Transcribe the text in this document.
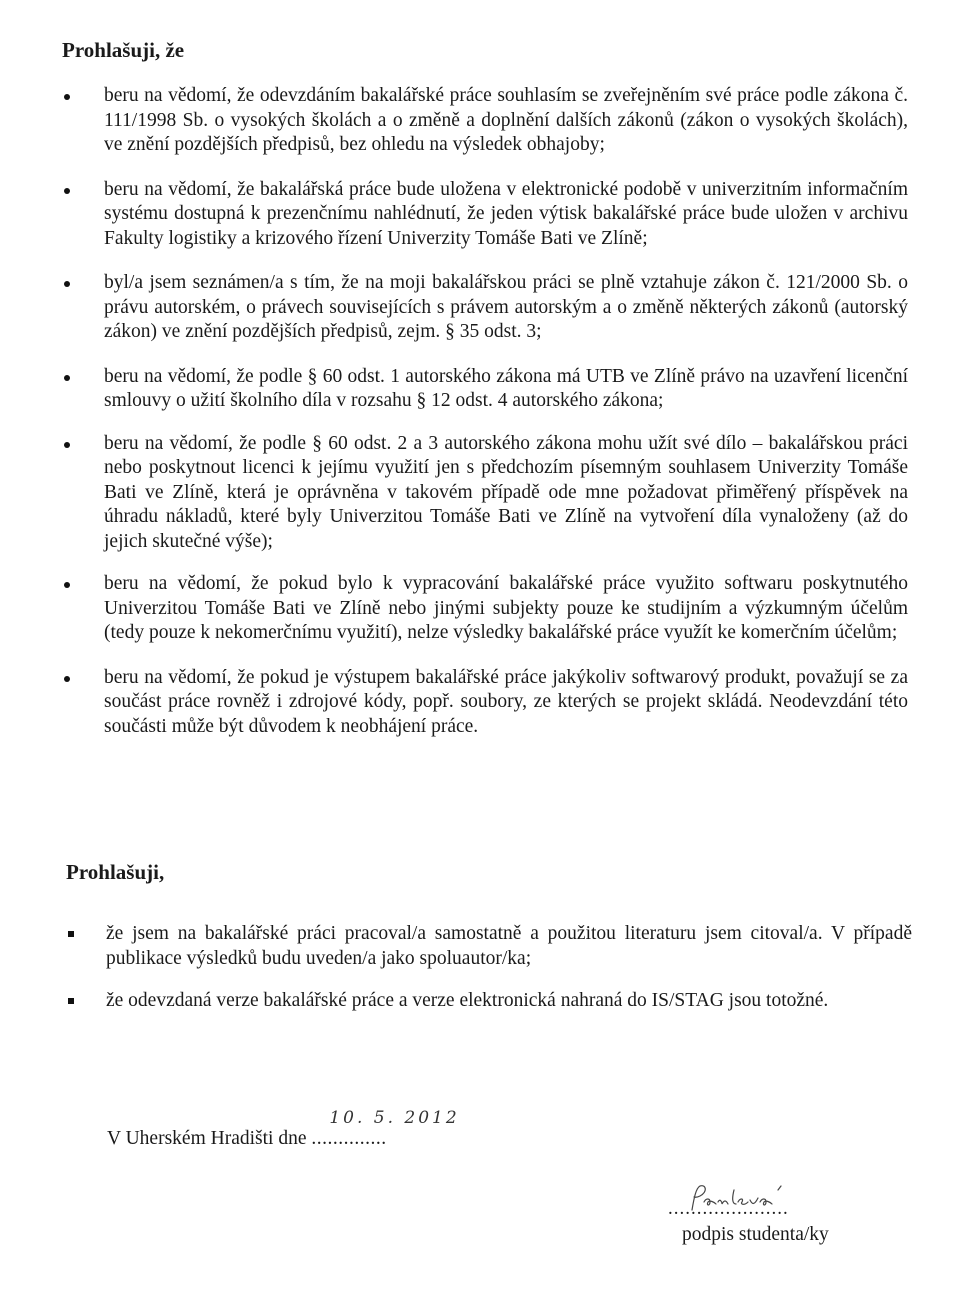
Prohlašuji, že
beru na vědomí, že odevzdáním bakalářské práce souhlasím se zveřejněním své práce podle zákona č. 111/1998 Sb. o vysokých školách a o změně a doplnění dalších zákonů (zákon o vysokých školách), ve znění pozdějších předpisů, bez ohledu na výsledek obhajoby;
beru na vědomí, že bakalářská práce bude uložena v elektronické podobě v univerzitním informačním systému dostupná k prezenčnímu nahlédnutí, že jeden výtisk bakalářské práce bude uložen v archivu Fakulty logistiky a krizového řízení Univerzity Tomáše Bati ve Zlíně;
byl/a jsem seznámen/a s tím, že na moji bakalářskou práci se plně vztahuje zákon č. 121/2000 Sb. o právu autorském, o právech souvisejících s právem autorským a o změně některých zákonů (autorský zákon) ve znění pozdějších předpisů, zejm. § 35 odst. 3;
beru na vědomí, že podle § 60 odst. 1 autorského zákona má UTB ve Zlíně právo na uzavření licenční smlouvy o užití školního díla v rozsahu § 12 odst. 4 autorského zákona;
beru na vědomí, že podle § 60 odst. 2 a 3 autorského zákona mohu užít své dílo – bakalářskou práci nebo poskytnout licenci k jejímu využití jen s předchozím písemným souhlasem Univerzity Tomáše Bati ve Zlíně, která je oprávněna v takovém případě ode mne požadovat přiměřený příspěvek na úhradu nákladů, které byly Univerzitou Tomáše Bati ve Zlíně na vytvoření díla vynaloženy (až do jejich skutečné výše);
beru na vědomí, že pokud bylo k vypracování bakalářské práce využito softwaru poskytnutého Univerzitou Tomáše Bati ve Zlíně nebo jinými subjekty pouze ke studijním a výzkumným účelům (tedy pouze k nekomerčnímu využití), nelze výsledky bakalářské práce využít ke komerčním účelům;
beru na vědomí, že pokud je výstupem bakalářské práce jakýkoliv softwarový produkt, považují se za součást práce rovněž i zdrojové kódy, popř. soubory, ze kterých se projekt skládá. Neodevzdání této součásti může být důvodem k neobhájení práce.
Prohlašuji,
že jsem na bakalářské práci pracoval/a samostatně a použitou literaturu jsem citoval/a. V případě publikace výsledků budu uveden/a jako spoluautor/ka;
že odevzdaná verze bakalářské práce a verze elektronická nahraná do IS/STAG jsou totožné.
V Uherském Hradišti dne ..............
10. 5. 2012
.....................
podpis studenta/ky
